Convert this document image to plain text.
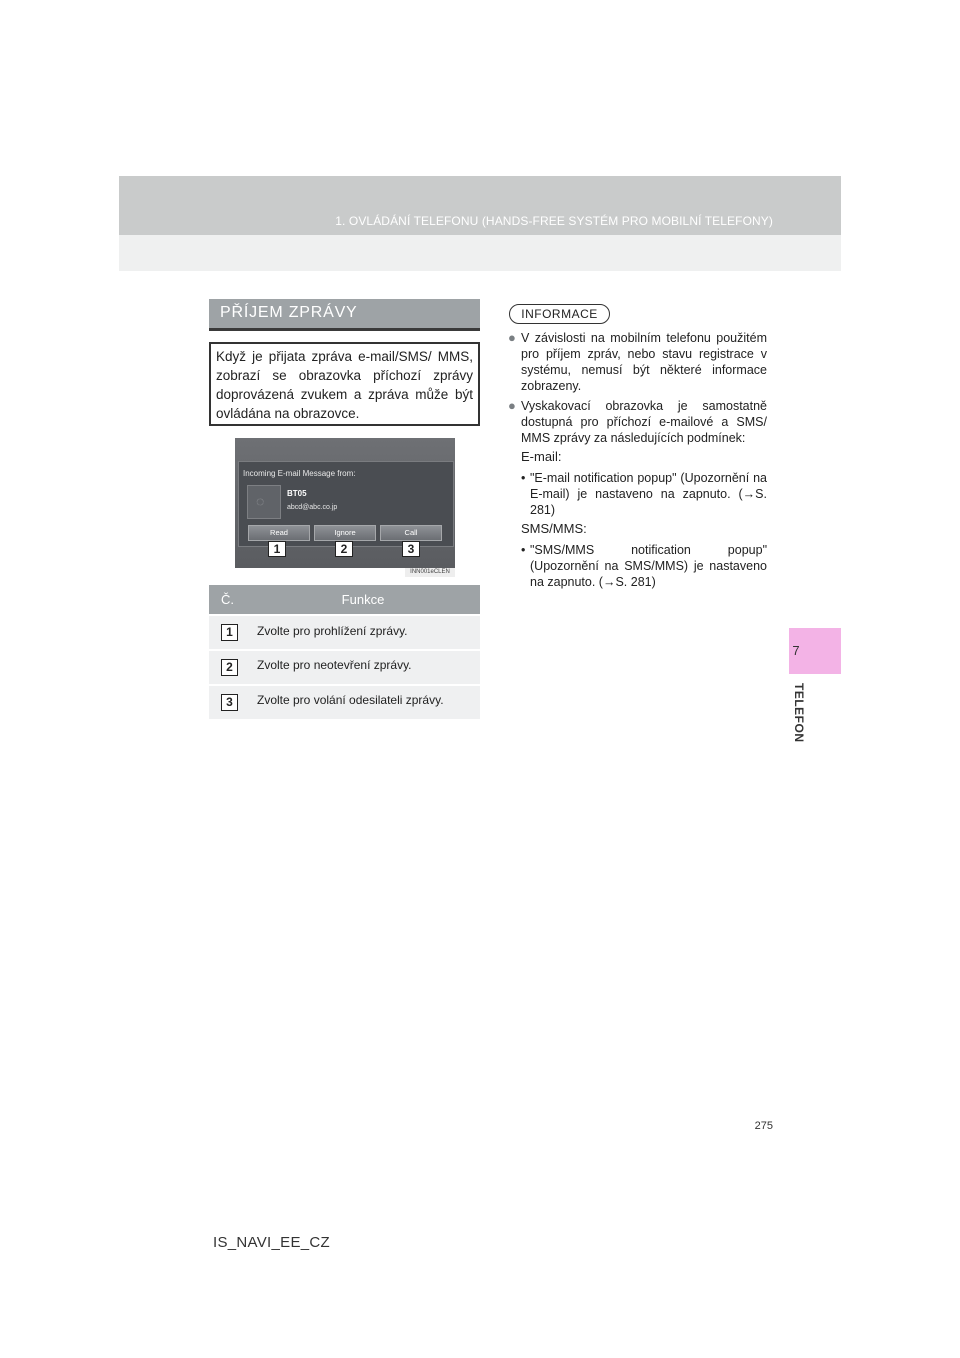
1. OVLÁDÁNÍ TELEFONU (HANDS-FREE SYSTÉM PRO MOBILNÍ TELEFONY)
7
TELEFON
PŘÍJEM ZPRÁVY

Když je přijata zpráva e-mail/SMS/ MMS, zobrazí se obrazovka příchozí zprávy doprovázená zvukem a zpráva může být ovládána na obrazovce.

Incoming E-mail Message from:
◌	BT05
abcd@abc.co.jp
Read	Ignore	Call
1	2	3
INN001eCLEN
Č.	Funkce
1	Zvolte pro prohlížení zprávy.
2	Zvolte pro neotevření zprávy.
3	Zvolte pro volání odesilateli zprávy.
INFORMACE
● V závislosti na mobilním telefonu použitém pro příjem zpráv, nebo stavu registrace v systému, nemusí být některé informace zobrazeny.

● Vyskakovací obrazovka je samostatně dostupná pro příchozí e-mailové a SMS/ MMS zprávy za následujících podmínek:

E-mail:

• "E-mail notification popup" (Upozornění na E-mail) je nastaveno na zapnuto. (→S. 281)

SMS/MMS:

• "SMS/MMS notification popup" (Upozornění na SMS/MMS) je nastaveno na zapnuto. (→S. 281)

275
IS_NAVI_EE_CZ
